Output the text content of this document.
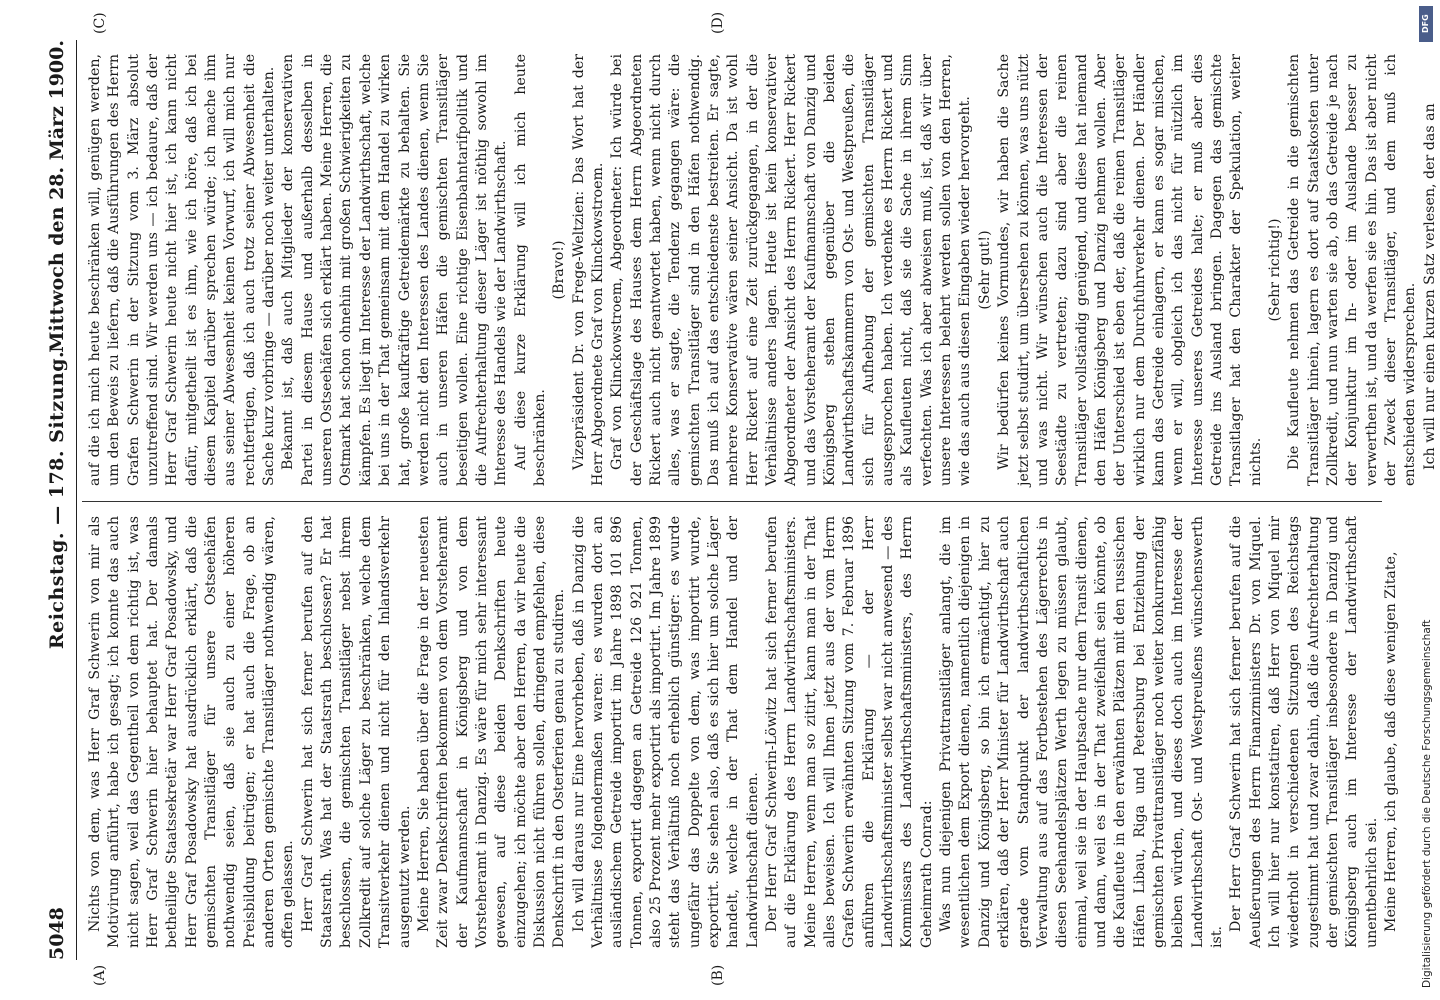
5048
Reichstag. — 178. Sitzung.
Mittwoch den 28. März 1900.
(A)	(B)
(C)	(D)

Nichts von dem, was Herr Graf Schwerin von mir als Motivirung anführt, habe ich gesagt; ich konnte das auch nicht sagen, weil das Gegentheil von dem richtig ist, was Herr Graf Schwerin hier behauptet hat. Der damals betheiligte Staatssekretär war Herr Graf Posadowsky, und Herr Graf Posadowsky hat ausdrücklich erklärt, daß die gemischten Transitläger für unsere Ostseehäfen nothwendig seien, daß sie auch zu einer höheren Preisbildung beitrügen; er hat auch die Frage, ob an anderen Orten gemischte Transitläger nothwendig wären, offen gelassen. Herr Graf Schwerin hat sich ferner berufen auf den Staatsrath. Was hat der Staatsrath beschlossen? Er hat beschlossen, die gemischten Transitläger nebst ihrem Zollkredit auf solche Läger zu beschränken, welche dem Transitverkehr dienen und nicht für den Inlandsverkehr ausgenutzt werden. Meine Herren, Sie haben über die Frage in der neuesten Zeit zwar Denkschriften bekommen von dem Vorsteheramt der Kaufmannschaft in Königsberg und von dem Vorsteheramt in Danzig. Es wäre für mich sehr interessant gewesen, auf diese beiden Denkschriften heute einzugehen; ich möchte aber den Herren, da wir heute die Diskussion nicht führen sollen, dringend empfehlen, diese Denkschrift in den Osterferien genau zu studiren. Ich will daraus nur Eine hervorheben, daß in Danzig die Verhältnisse folgendermaßen waren: es wurden dort an ausländischem Getreide importirt im Jahre 1898 101 896 Tonnen, exportirt dagegen an Getreide 126 921 Tonnen, also 25 Prozent mehr exportirt als importirt. Im Jahre 1899 steht das Verhältniß noch erheblich günstiger: es wurde ungefähr das Doppelte von dem, was importirt wurde, exportirt. Sie sehen also, daß es sich hier um solche Läger handelt, welche in der That dem Handel und der Landwirthschaft dienen. Der Herr Graf Schwerin-Löwitz hat sich ferner berufen auf die Erklärung des Herrn Landwirthschaftsministers. Meine Herren, wenn man so zitirt, kann man in der That alles beweisen. Ich will Ihnen jetzt aus der vom Herrn Grafen Schwerin erwähnten Sitzung vom 7. Februar 1896 anführen die Erklärung — der Herr Landwirthschaftsminister selbst war nicht anwesend — des Kommissars des Landwirthschaftsministers, des Herrn Geheimrath Conrad: Was nun diejenigen Privattransitläger anlangt, die im wesentlichen dem Export dienen, namentlich diejenigen in Danzig und Königsberg, so bin ich ermächtigt, hier zu erklären, daß der Herr Minister für Landwirthschaft auch gerade vom Standpunkt der landwirthschaftlichen Verwaltung aus auf das Fortbestehen des Lägerrechts in diesen Seehandelsplätzen Werth legen zu müssen glaubt, einmal, weil sie in der Hauptsache nur dem Transit dienen, und dann, weil es in der That zweifelhaft sein könnte, ob die Kaufleute in den erwähnten Plätzen mit den russischen Häfen Libau, Riga und Petersburg bei Entziehung der gemischten Privattransitläger noch weiter konkurrenzfähig bleiben würden, und dieses doch auch im Interesse der Landwirthschaft Ost- und Westpreußens wünschenswerth ist.

Der Herr Graf Schwerin hat sich ferner berufen auf die Aeußerungen des Herrn Finanzministers Dr. von Miquel. Ich will hier nur konstatiren, daß Herr von Miquel mir wiederholt in verschiedenen Sitzungen des Reichstags zugestimmt hat und zwar dahin, daß die Aufrechterhaltung der gemischten Transitläger insbesondere in Danzig und Königsberg auch im Interesse der Landwirthschaft unentbehrlich sei. Meine Herren, ich glaube, daß diese wenigen Zitate,

auf die ich mich heute beschränken will, genügen werden, um den Beweis zu liefern, daß die Ausführungen des Herrn Grafen Schwerin in der Sitzung vom 3. März absolut unzutreffend sind. Wir werden uns — ich bedaure, daß der Herr Graf Schwerin heute nicht hier ist, ich kann nicht dafür, mitgetheilt ist es ihm, wie ich höre, daß ich bei diesem Kapitel darüber sprechen würde; ich mache ihm aus seiner Abwesenheit keinen Vorwurf, ich will mich nur rechtfertigen, daß ich auch trotz seiner Abwesenheit die Sache kurz vorbringe — darüber noch weiter unterhalten. Bekannt ist, daß auch Mitglieder der konservativen Partei in diesem Hause und außerhalb desselben in unseren Ostseehäfen sich erklärt haben. Meine Herren, die Ostmark hat schon ohnehin mit großen Schwierigkeiten zu kämpfen. Es liegt im Interesse der Landwirthschaft, welche bei uns in der That gemeinsam mit dem Handel zu wirken hat, große kaufkräftige Getreidemärkte zu behalten. Sie werden nicht den Interessen des Landes dienen, wenn Sie auch in unseren Häfen die gemischten Transitläger beseitigen wollen. Eine richtige Eisenbahntarifpolitik und die Aufrechterhaltung dieser Läger ist nöthig sowohl im Interesse des Handels wie der Landwirthschaft. Auf diese kurze Erklärung will ich mich heute beschränken.

(Bravo!) Vizepräsident Dr. von Frege-Weltzien: Das Wort hat der Herr Abgeordnete Graf von Klinckowstroem. Graf von Klinckowstroem, Abgeordneter: Ich würde bei der Geschäftslage des Hauses dem Herrn Abgeordneten Rickert auch nicht geantwortet haben, wenn nicht durch alles, was er sagte, die Tendenz gegangen wäre: die gemischten Transitläger sind in den Häfen nothwendig. Das muß ich auf das entschiedenste bestreiten. Er sagte, mehrere Konservative wären seiner Ansicht. Da ist wohl Herr Rickert auf eine Zeit zurückgegangen, in der die Verhältnisse anders lagen. Heute ist kein konservativer Abgeordneter der Ansicht des Herrn Rickert. Herr Rickert und das Vorsteheramt der Kaufmannschaft von Danzig und Königsberg stehen gegenüber die beiden Landwirthschaftskammern von Ost- und Westpreußen, die sich für Aufhebung der gemischten Transitläger ausgesprochen haben. Ich verdenke es Herrn Rickert und als Kaufleuten nicht, daß sie die Sache in ihrem Sinn verfechten. Was ich aber abweisen muß, ist, daß wir über unsere Interessen belehrt werden sollen von den Herren, wie das auch aus diesen Eingaben wieder hervorgeht. (Sehr gut!) Wir bedürfen keines Vormundes, wir haben die Sache jetzt selbst studirt, um übersehen zu können, was uns nützt und was nicht. Wir wünschen auch die Interessen der Seestädte zu vertreten; dazu sind aber die reinen Transitläger vollständig genügend, und diese hat niemand den Häfen Königsberg und Danzig nehmen wollen. Aber der Unterschied ist eben der, daß die reinen Transitläger wirklich nur dem Durchfuhrverkehr dienen. Der Händler kann das Getreide einlagern, er kann es sogar mischen, wenn er will, obgleich ich das nicht für nützlich im Interesse unseres Getreides halte; er muß aber dies Getreide ins Ausland bringen. Dagegen das gemischte Transitlager hat den Charakter der Spekulation, weiter nichts.

(Sehr richtig!) Die Kaufleute nehmen das Getreide in die gemischten Transitläger hinein, lagern es dort auf Staatskosten unter Zollkredit, und nun warten sie ab, ob das Getreide je nach der Konjunktur im In- oder im Auslande besser zu verwerthen ist, und da werfen sie es hin. Das ist aber nicht der Zweck dieser Transitläger, und dem muß ich entschieden widersprechen. Ich will nur einen kurzen Satz verlesen, der das an

DFG
Digitalisierung gefördert durch die Deutsche Forschungsgemeinschaft
